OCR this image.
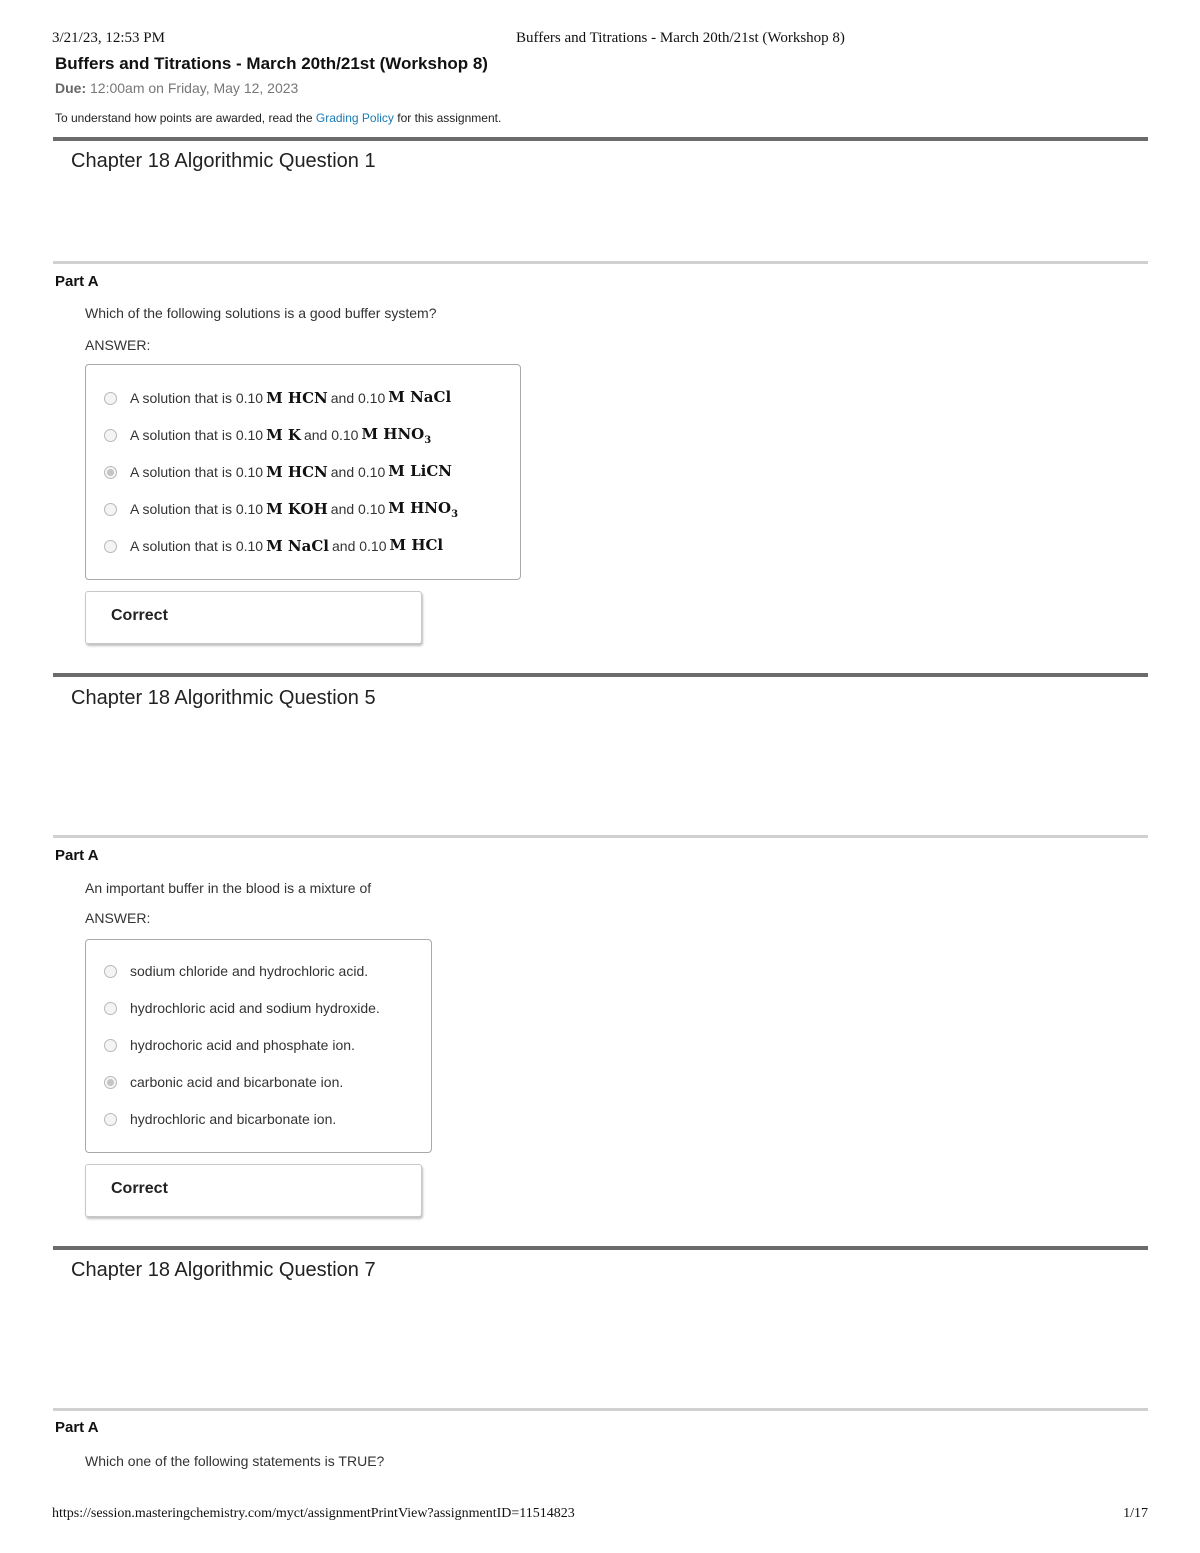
3/21/23, 12:53 PM	Buffers and Titrations - March 20th/21st (Workshop 8)
Buffers and Titrations - March 20th/21st (Workshop 8)
Due: 12:00am on Friday, May 12, 2023
To understand how points are awarded, read the Grading Policy for this assignment.
Chapter 18 Algorithmic Question 1
Part A
Which of the following solutions is a good buffer system?
ANSWER:
A solution that is 0.10 M HCN and 0.10 M NaCl
A solution that is 0.10 M K and 0.10 M $HNO_3$
A solution that is 0.10 M HCN and 0.10 M LiCN
A solution that is 0.10 M KOH and 0.10 M $HNO_3$
A solution that is 0.10 M NaCl and 0.10 M HCl
Correct
Chapter 18 Algorithmic Question 5
Part A
An important buffer in the blood is a mixture of
ANSWER:
sodium chloride and hydrochloric acid.
hydrochloric acid and sodium hydroxide.
hydrochoric acid and phosphate ion.
carbonic acid and bicarbonate ion.
hydrochloric and bicarbonate ion.
Correct
Chapter 18 Algorithmic Question 7
Part A
Which one of the following statements is TRUE?
https://session.masteringchemistry.com/myct/assignmentPrintView?assignmentID=11514823	1/17
